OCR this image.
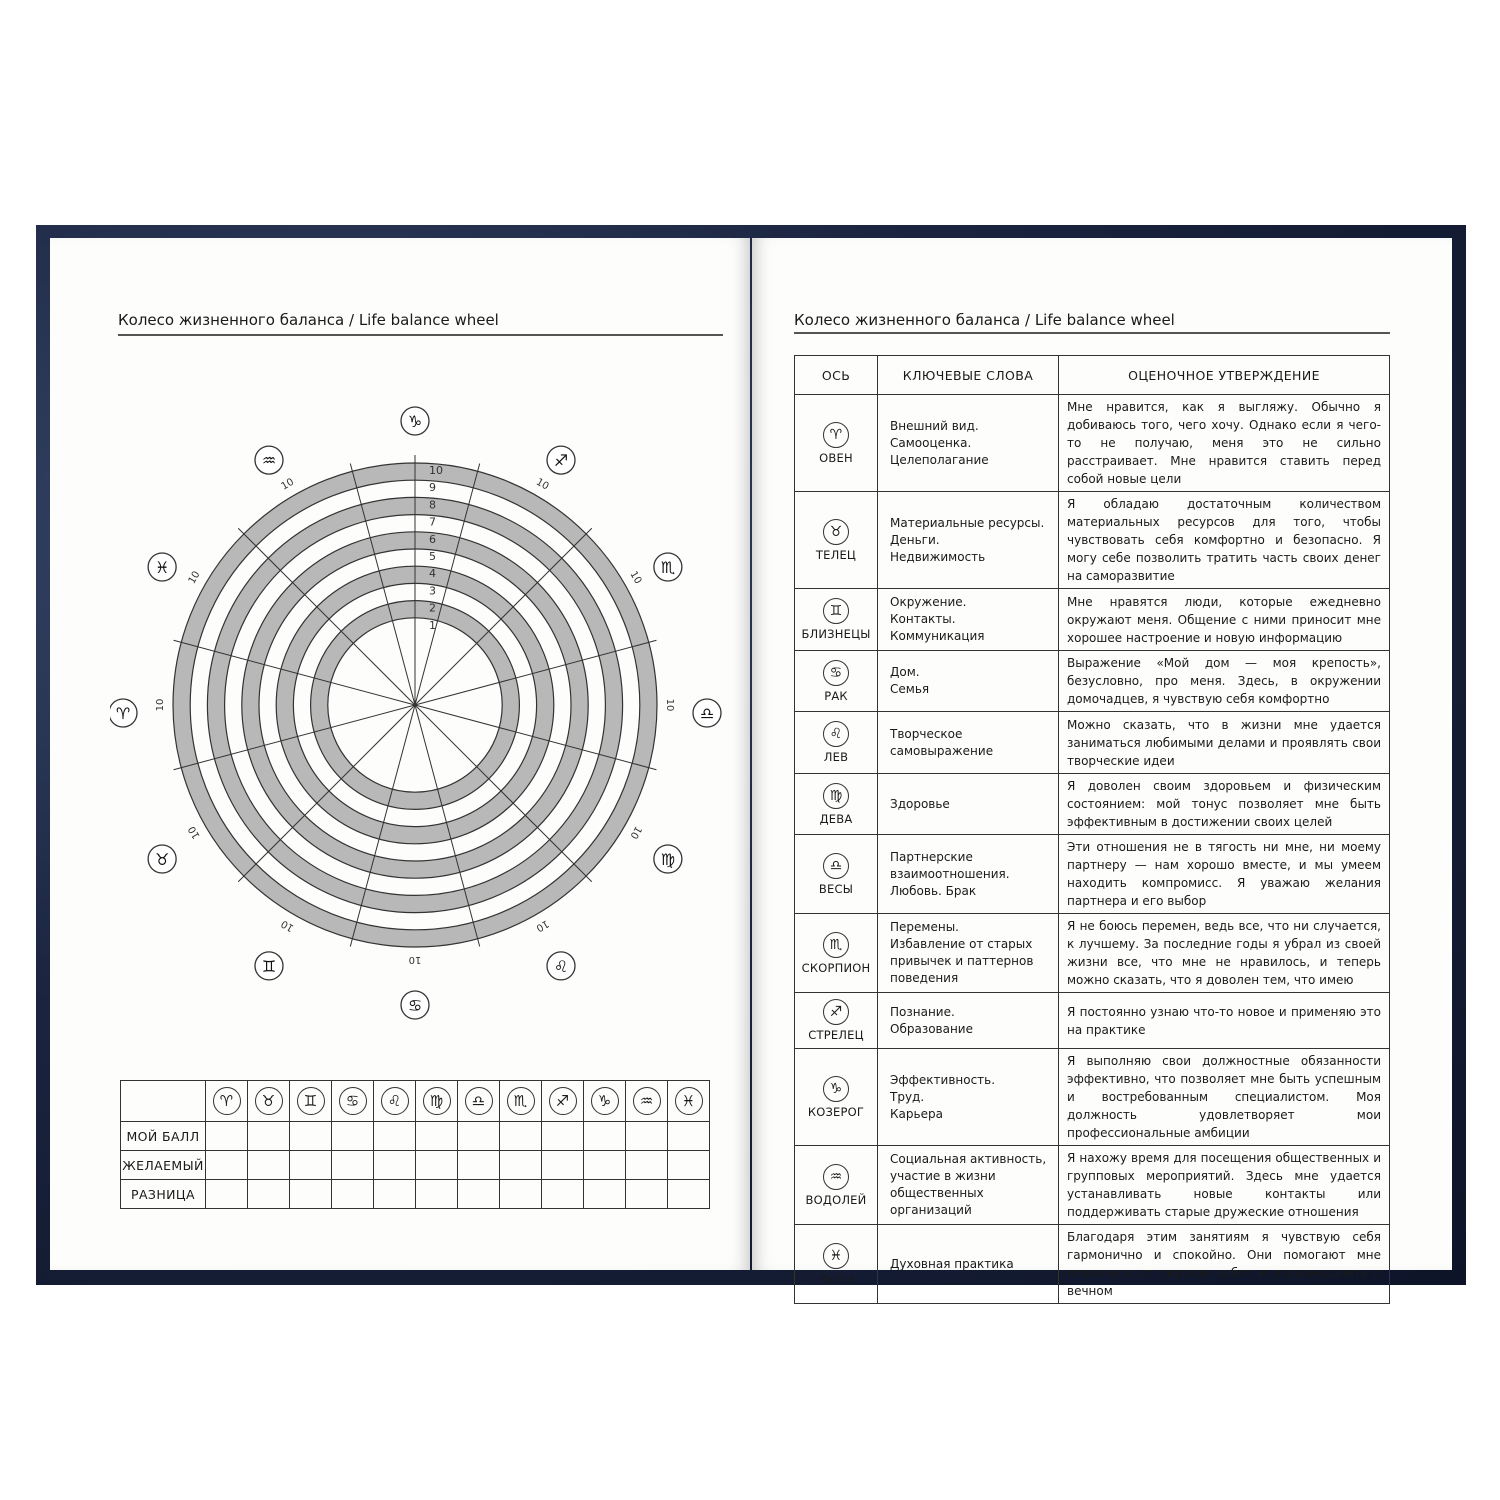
Колесо жизненного баланса / Life balance wheel
1
2
3
4
5
6
7
8
9
10
10
10
10
10
10
10
10
10
10
10
10
♑
♐
♏
♎
♍
♌
♋
♊
♉
♈
♓
♒
	♈	♉	♊	♋	♌	♍	♎	♏	♐	♑	♒	♓
МОЙ БАЛЛ												
ЖЕЛАЕМЫЙ												
РАЗНИЦА												
Колесо жизненного баланса / Life balance wheel
ОСЬ	КЛЮЧЕВЫЕ СЛОВА	ОЦЕНОЧНОЕ УТВЕРЖДЕНИЕ

♈
ОВЕН	Внешний вид.
Самооценка.
Целеполагание	Мне нравится, как я выгляжу. Обычно я добиваюсь того, чего хочу. Однако если я чего-то не получаю, меня это не сильно расстраивает. Мне нравится ставить перед собой новые цели

♉
ТЕЛЕЦ	Материальные ресурсы.
Деньги.
Недвижимость	Я обладаю достаточным количеством материальных ресурсов для того, чтобы чувствовать себя комфортно и безопасно. Я могу себе позволить тратить часть своих денег на саморазвитие

♊
БЛИЗНЕЦЫ	Окружение.
Контакты.
Коммуникация	Мне нравятся люди, которые ежедневно окружают меня. Общение с ними приносит мне хорошее настроение и новую информацию

♋
РАК	Дом.
Семья	Выражение «Мой дом — моя крепость», безусловно, про меня. Здесь, в окружении домочадцев, я чувствую себя комфортно

♌
ЛЕВ	Творческое
самовыражение	Можно сказать, что в жизни мне удается заниматься любимыми делами и проявлять свои творческие идеи

♍
ДЕВА	Здоровье	Я доволен своим здоровьем и физическим состоянием: мой тонус позволяет мне быть эффективным в достижении своих целей

♎
ВЕСЫ	Партнерские
взаимоотношения.
Любовь. Брак	Эти отношения не в тягость ни мне, ни моему партнеру — нам хорошо вместе, и мы умеем находить компромисс. Я уважаю желания партнера и его выбор

♏
СКОРПИОН	Перемены.
Избавление от старых
привычек и паттернов
поведения	Я не боюсь перемен, ведь все, что ни случается, к лучшему. За последние годы я убрал из своей жизни все, что мне не нравилось, и теперь можно сказать, что я доволен тем, что имею

♐
СТРЕЛЕЦ	Познание.
Образование	Я постоянно узнаю что-то новое и применяю это на практике

♑
КОЗЕРОГ	Эффективность.
Труд.
Карьера	Я выполняю свои должностные обязанности эффективно, что позволяет мне быть успешным и востребованным специалистом. Моя должность удовлетворяет мои профессиональные амбиции

♒
ВОДОЛЕЙ	Социальная активность,
участие в жизни
общественных
организаций	Я нахожу время для посещения общественных и групповых мероприятий. Здесь мне удается устанавливать новые контакты или поддерживать старые дружеские отношения

♓
РЫБЫ	Духовная практика	Благодаря этим занятиям я чувствую себя гармонично и спокойно. Они помогают мне отвлечься от мирских забот и поразмышлять о вечном
